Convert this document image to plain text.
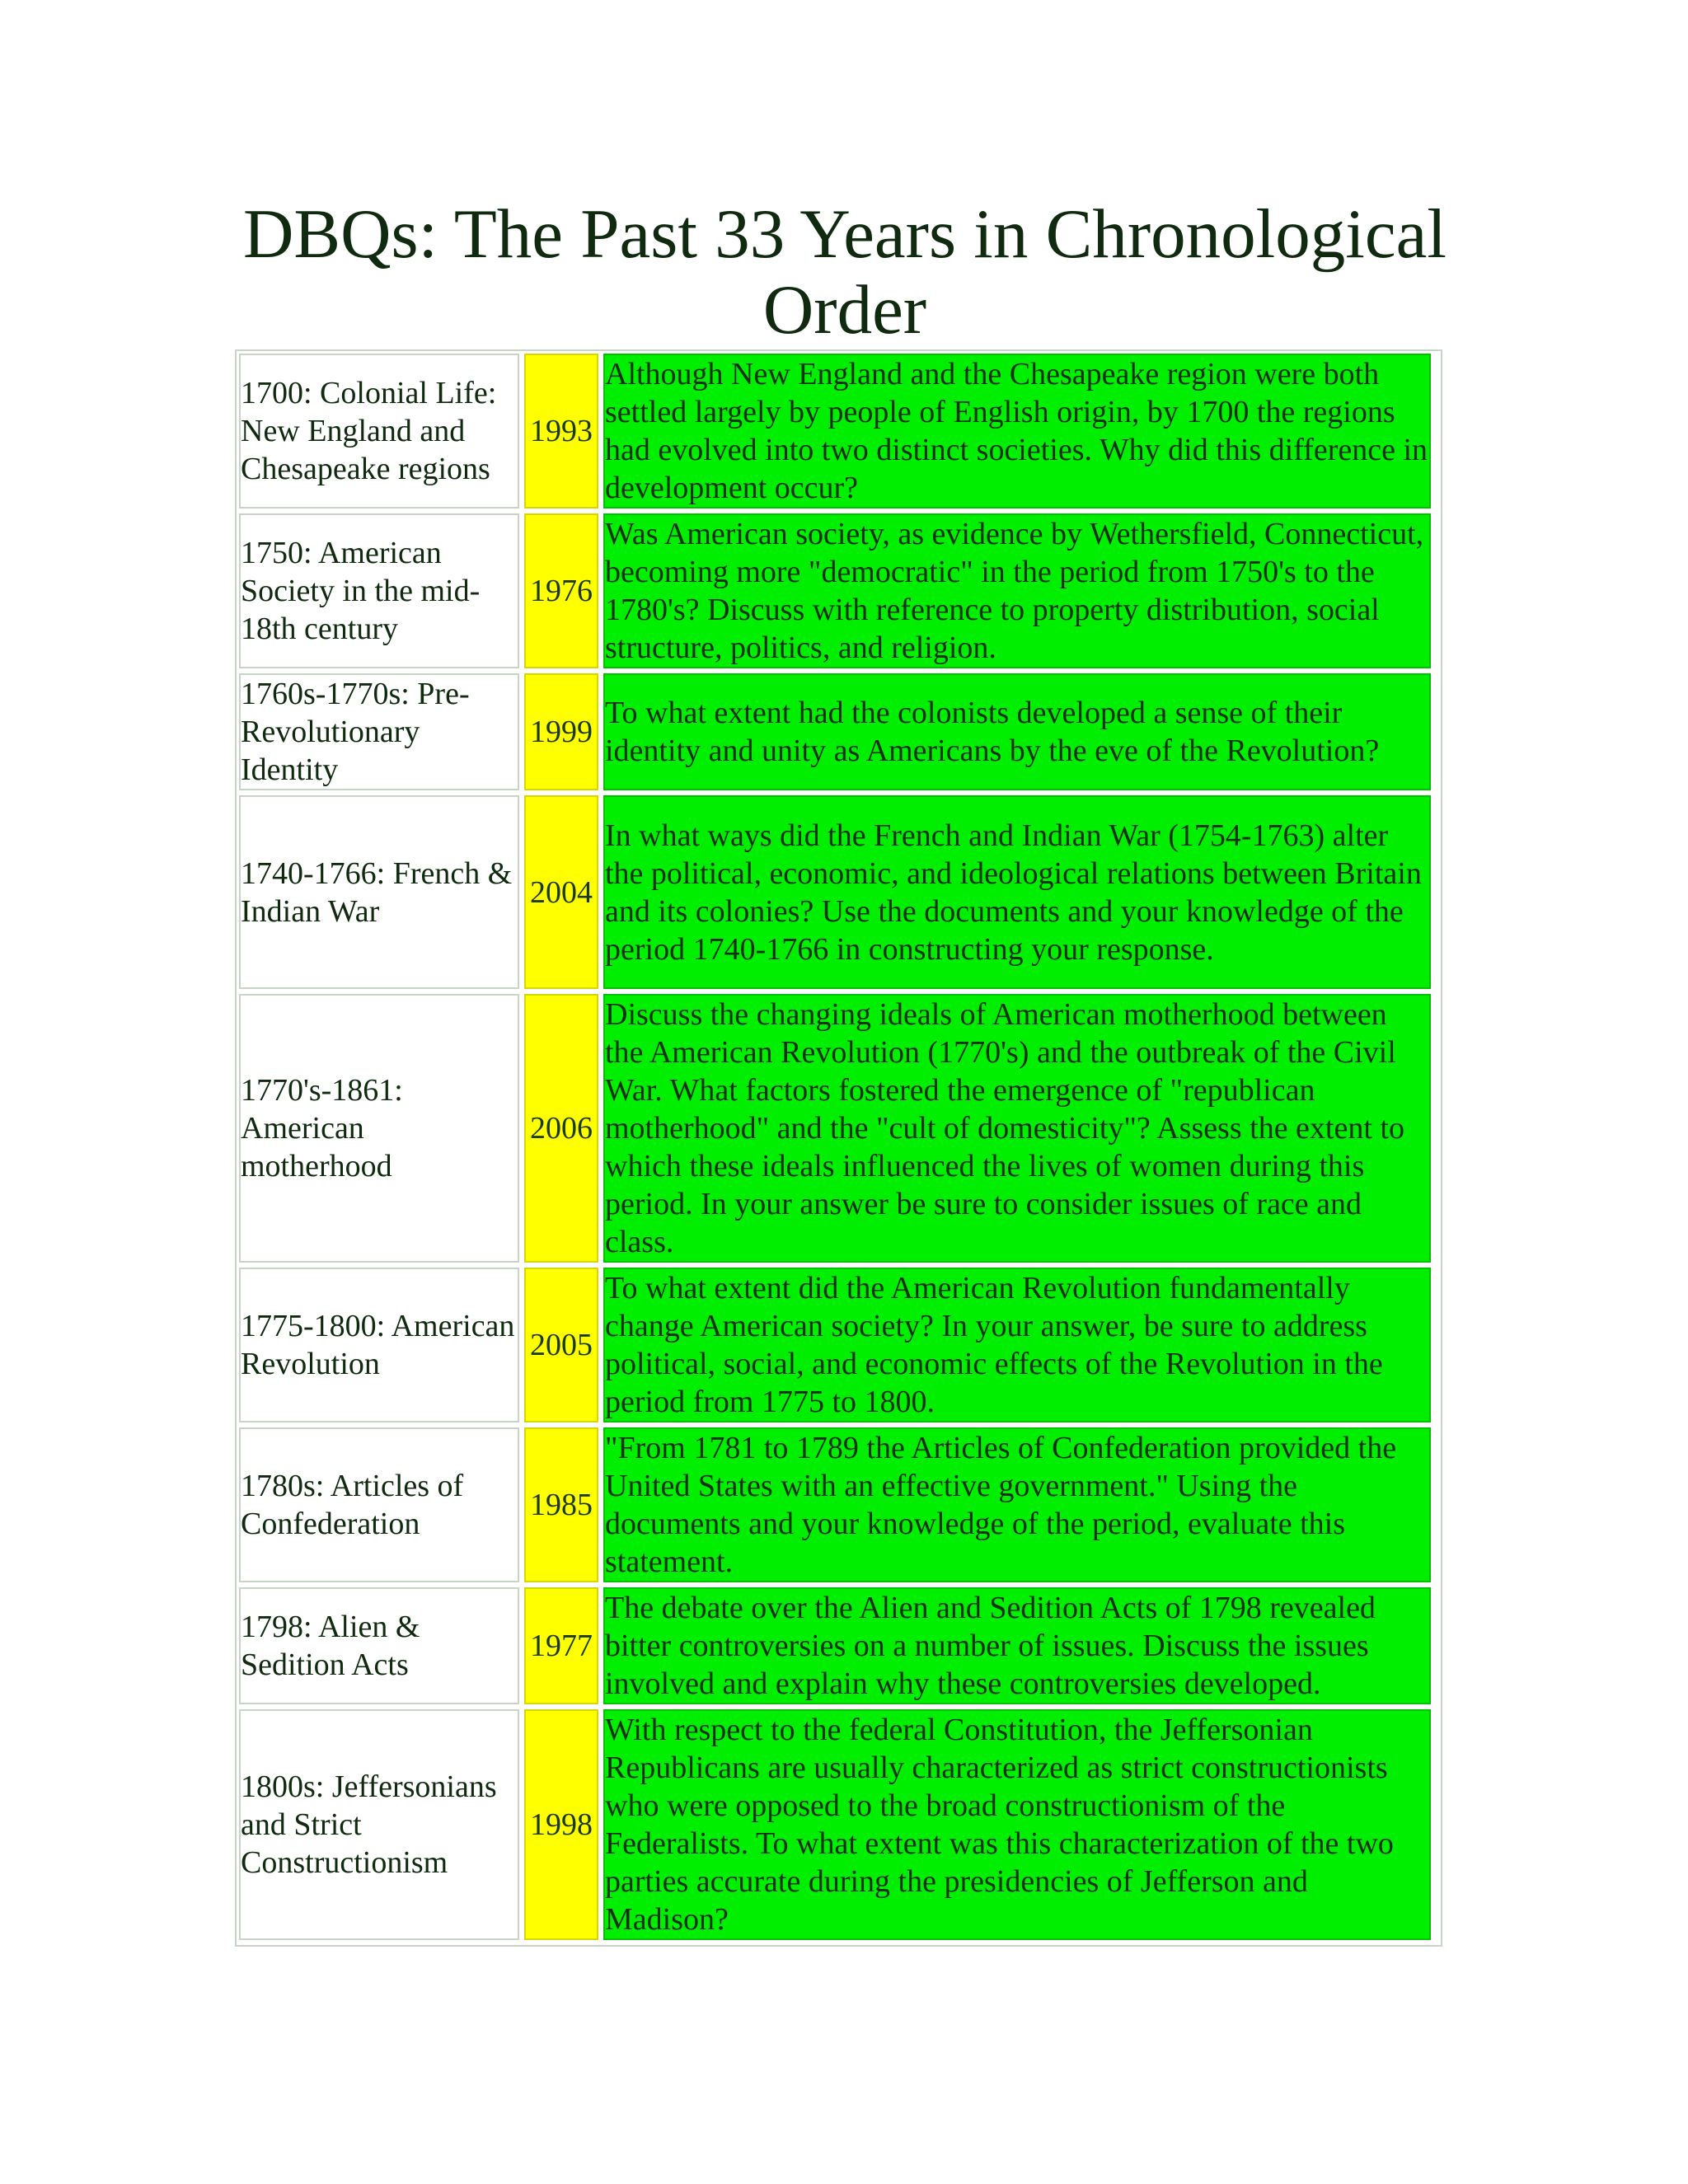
DBQs: The Past 33 Years in Chronological Order
1700: Colonial Life: New England and Chesapeake regions	1993	Although New England and the Chesapeake region were both settled largely by people of English origin, by 1700 the regions had evolved into two distinct societies. Why did this difference in development occur?
1750: American Society in the mid-18th century	1976	Was American society, as evidence by Wethersfield, Connecticut, becoming more "democratic" in the period from 1750's to the 1780's? Discuss with reference to property distribution, social structure, politics, and religion.
1760s-1770s: Pre-Revolutionary Identity	1999	To what extent had the colonists developed a sense of their identity and unity as Americans by the eve of the Revolution?
1740-1766: French & Indian War	2004	In what ways did the French and Indian War (1754-1763) alter the political, economic, and ideological relations between Britain and its colonies? Use the documents and your knowledge of the period 1740-1766 in constructing your response.
1770's-1861: American motherhood	2006	Discuss the changing ideals of American motherhood between the American Revolution (1770's) and the outbreak of the Civil War. What factors fostered the emergence of "republican motherhood" and the "cult of domesticity"? Assess the extent to which these ideals influenced the lives of women during this period. In your answer be sure to consider issues of race and class.
1775-1800: American Revolution	2005	To what extent did the American Revolution fundamentally change American society? In your answer, be sure to address political, social, and economic effects of the Revolution in the period from 1775 to 1800.
1780s: Articles of Confederation	1985	"From 1781 to 1789 the Articles of Confederation provided the United States with an effective government." Using the documents and your knowledge of the period, evaluate this statement.
1798: Alien & Sedition Acts	1977	The debate over the Alien and Sedition Acts of 1798 revealed bitter controversies on a number of issues. Discuss the issues involved and explain why these controversies developed.
1800s: Jeffersonians and Strict Constructionism	1998	With respect to the federal Constitution, the Jeffersonian Republicans are usually characterized as strict constructionists who were opposed to the broad constructionism of the Federalists. To what extent was this characterization of the two parties accurate during the presidencies of Jefferson and Madison?
